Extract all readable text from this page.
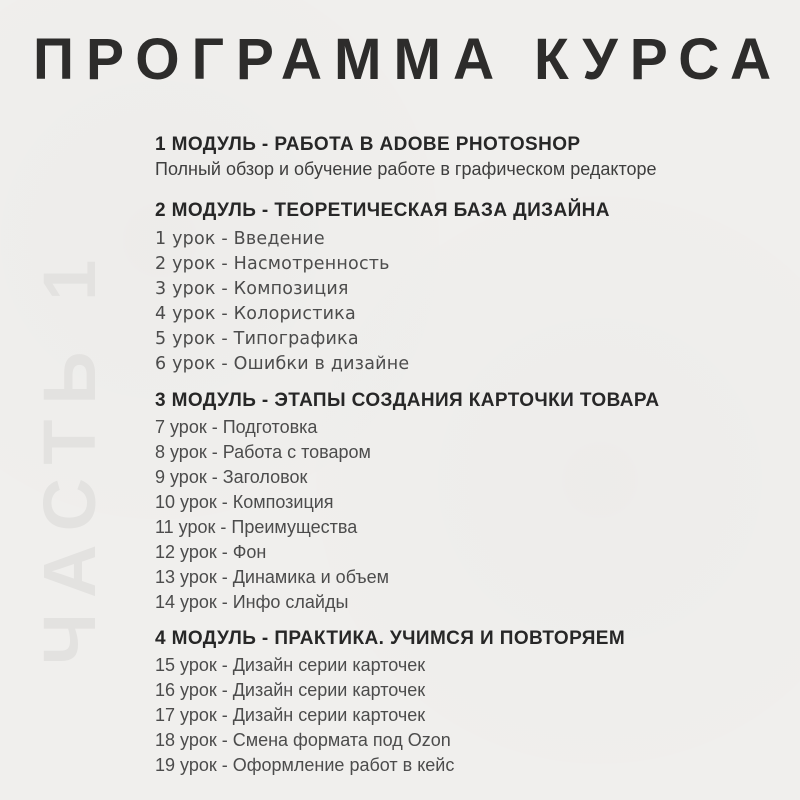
ПРОГРАММА КУРСА
ЧАСТЬ 1
1 МОДУЛЬ - РАБОТА В ADOBE PHOTOSHOP

Полный обзор и обучение работе в графическом редакторе

2 МОДУЛЬ - ТЕОРЕТИЧЕСКАЯ БАЗА ДИЗАЙНА
1 урок - Введение
2 урок - Насмотренность
3 урок - Композиция
4 урок - Колористика
5 урок - Типографика
6 урок - Ошибки в дизайне
3 МОДУЛЬ - ЭТАПЫ СОЗДАНИЯ КАРТОЧКИ ТОВАРА
7 урок - Подготовка
8 урок - Работа с товаром
9 урок - Заголовок
10 урок - Композиция
11 урок - Преимущества
12 урок - Фон
13 урок - Динамика и объем
14 урок - Инфо слайды
4 МОДУЛЬ - ПРАКТИКА. УЧИМСЯ И ПОВТОРЯЕМ
15 урок - Дизайн серии карточек
16 урок - Дизайн серии карточек
17 урок - Дизайн серии карточек
18 урок - Смена формата под Ozon
19 урок - Оформление работ в кейс
